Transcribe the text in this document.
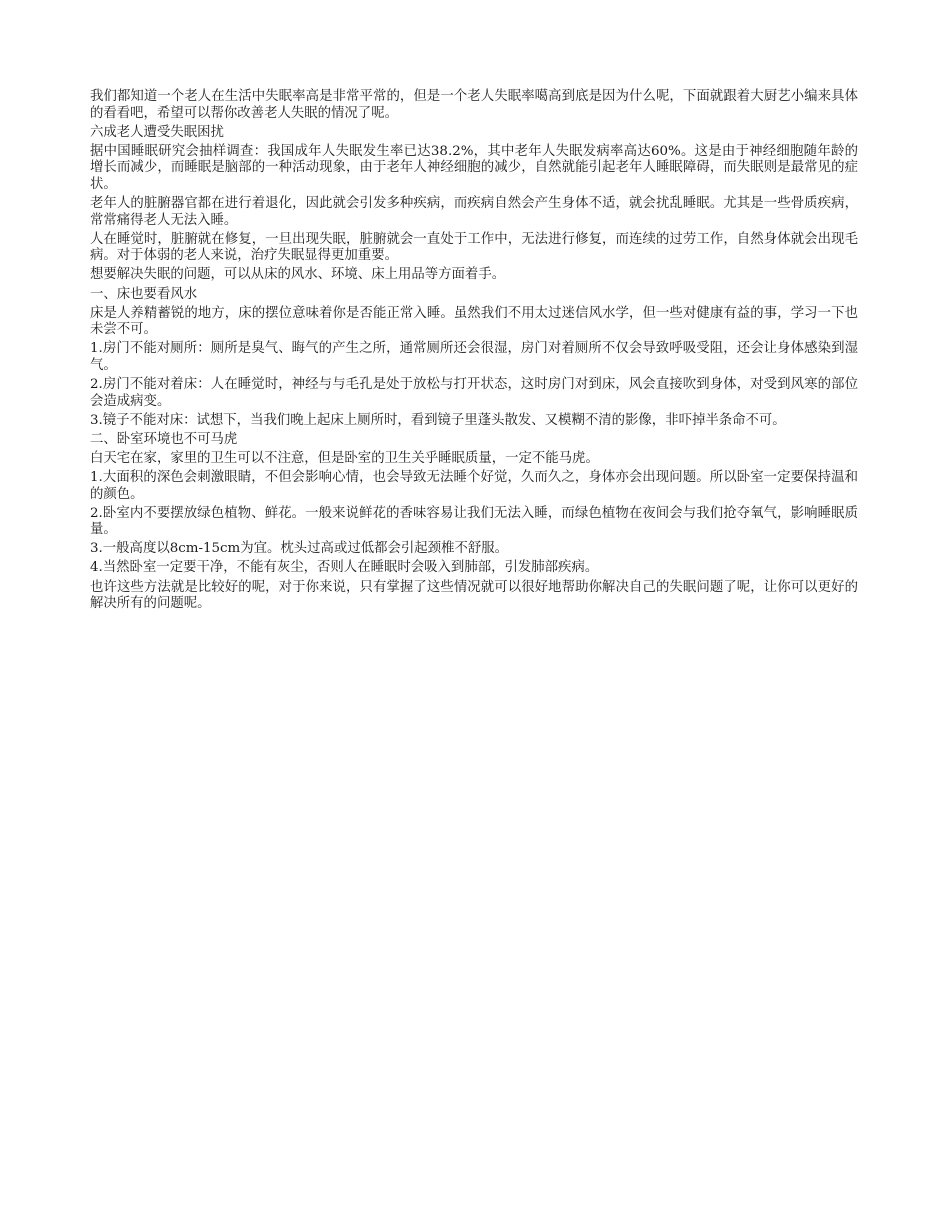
我们都知道一个老人在生活中失眠率高是非常平常的，但是一个老人失眠率噶高到底是因为什么呢，下面就跟着大厨艺小编来具体的看看吧，希望可以帮你改善老人失眠的情况了呢。

六成老人遭受失眠困扰

据中国睡眠研究会抽样调查：我国成年人失眠发生率已达38.2%，其中老年人失眠发病率高达60%。这是由于神经细胞随年龄的增长而减少，而睡眠是脑部的一种活动现象，由于老年人神经细胞的减少，自然就能引起老年人睡眠障碍，而失眠则是最常见的症状。

老年人的脏腑器官都在进行着退化，因此就会引发多种疾病，而疾病自然会产生身体不适，就会扰乱睡眠。尤其是一些骨质疾病，常常痛得老人无法入睡。

人在睡觉时，脏腑就在修复，一旦出现失眠，脏腑就会一直处于工作中，无法进行修复，而连续的过劳工作，自然身体就会出现毛病。对于体弱的老人来说，治疗失眠显得更加重要。

想要解决失眠的问题，可以从床的风水、环境、床上用品等方面着手。

一、床也要看风水

床是人养精蓄锐的地方，床的摆位意味着你是否能正常入睡。虽然我们不用太过迷信风水学，但一些对健康有益的事，学习一下也未尝不可。

1.房门不能对厕所：厕所是臭气、晦气的产生之所，通常厕所还会很湿，房门对着厕所不仅会导致呼吸受阻，还会让身体感染到湿气。

2.房门不能对着床：人在睡觉时，神经与与毛孔是处于放松与打开状态，这时房门对到床，风会直接吹到身体，对受到风寒的部位会造成病变。

3.镜子不能对床：试想下，当我们晚上起床上厕所时，看到镜子里蓬头散发、又模糊不清的影像，非吓掉半条命不可。

二、卧室环境也不可马虎

白天宅在家，家里的卫生可以不注意，但是卧室的卫生关乎睡眠质量，一定不能马虎。

1.大面积的深色会刺激眼睛，不但会影响心情，也会导致无法睡个好觉，久而久之，身体亦会出现问题。所以卧室一定要保持温和的颜色。

2.卧室内不要摆放绿色植物、鲜花。一般来说鲜花的香味容易让我们无法入睡，而绿色植物在夜间会与我们抢夺氧气，影响睡眠质量。

3.一般高度以8cm-15cm为宜。枕头过高或过低都会引起颈椎不舒服。

4.当然卧室一定要干净，不能有灰尘，否则人在睡眠时会吸入到肺部，引发肺部疾病。

也许这些方法就是比较好的呢，对于你来说，只有掌握了这些情况就可以很好地帮助你解决自己的失眠问题了呢，让你可以更好的解决所有的问题呢。
